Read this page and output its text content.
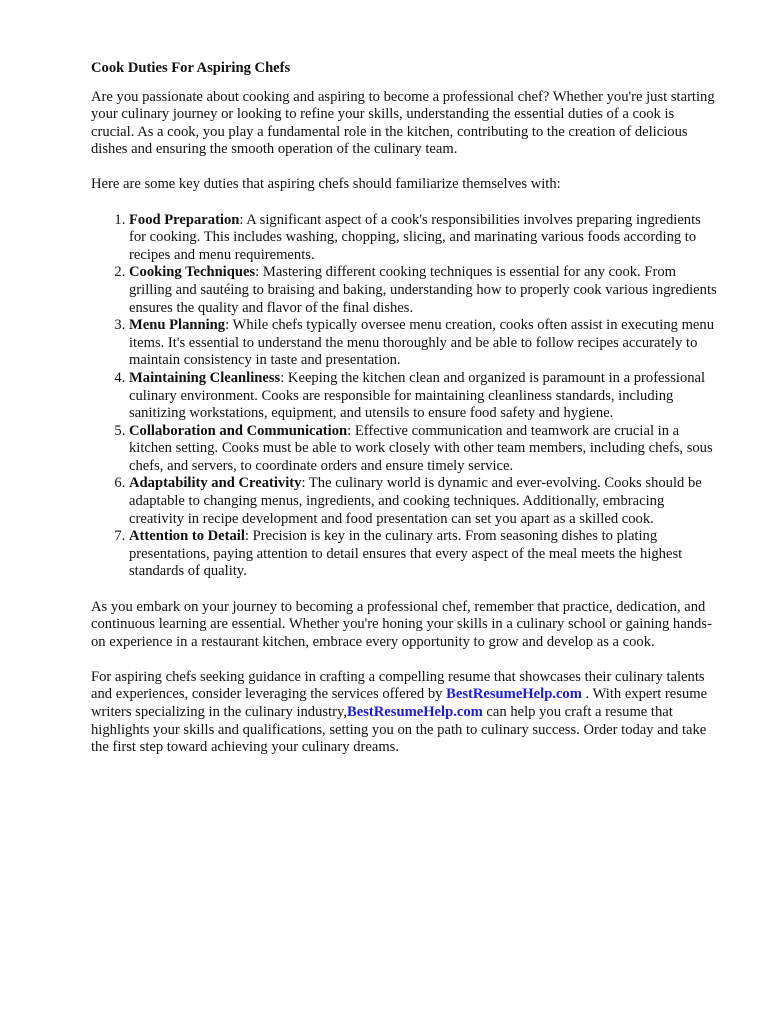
Cook Duties For Aspiring Chefs

Are you passionate about cooking and aspiring to become a professional chef? Whether you're just starting your culinary journey or looking to refine your skills, understanding the essential duties of a cook is crucial. As a cook, you play a fundamental role in the kitchen, contributing to the creation of delicious dishes and ensuring the smooth operation of the culinary team.

Here are some key duties that aspiring chefs should familiarize themselves with:

1. Food Preparation: A significant aspect of a cook's responsibilities involves preparing ingredients for cooking. This includes washing, chopping, slicing, and marinating various foods according to recipes and menu requirements.
2. Cooking Techniques: Mastering different cooking techniques is essential for any cook. From grilling and sautéing to braising and baking, understanding how to properly cook various ingredients ensures the quality and flavor of the final dishes.
3. Menu Planning: While chefs typically oversee menu creation, cooks often assist in executing menu items. It's essential to understand the menu thoroughly and be able to follow recipes accurately to maintain consistency in taste and presentation.
4. Maintaining Cleanliness: Keeping the kitchen clean and organized is paramount in a professional culinary environment. Cooks are responsible for maintaining cleanliness standards, including sanitizing workstations, equipment, and utensils to ensure food safety and hygiene.
5. Collaboration and Communication: Effective communication and teamwork are crucial in a kitchen setting. Cooks must be able to work closely with other team members, including chefs, sous chefs, and servers, to coordinate orders and ensure timely service.
6. Adaptability and Creativity: The culinary world is dynamic and ever-evolving. Cooks should be adaptable to changing menus, ingredients, and cooking techniques. Additionally, embracing creativity in recipe development and food presentation can set you apart as a skilled cook.
7. Attention to Detail: Precision is key in the culinary arts. From seasoning dishes to plating presentations, paying attention to detail ensures that every aspect of the meal meets the highest standards of quality.

As you embark on your journey to becoming a professional chef, remember that practice, dedication, and continuous learning are essential. Whether you're honing your skills in a culinary school or gaining hands-on experience in a restaurant kitchen, embrace every opportunity to grow and develop as a cook.

For aspiring chefs seeking guidance in crafting a compelling resume that showcases their culinary talents and experiences, consider leveraging the services offered by BestResumeHelp.com . With expert resume writers specializing in the culinary industry,BestResumeHelp.com can help you craft a resume that highlights your skills and qualifications, setting you on the path to culinary success. Order today and take the first step toward achieving your culinary dreams.
